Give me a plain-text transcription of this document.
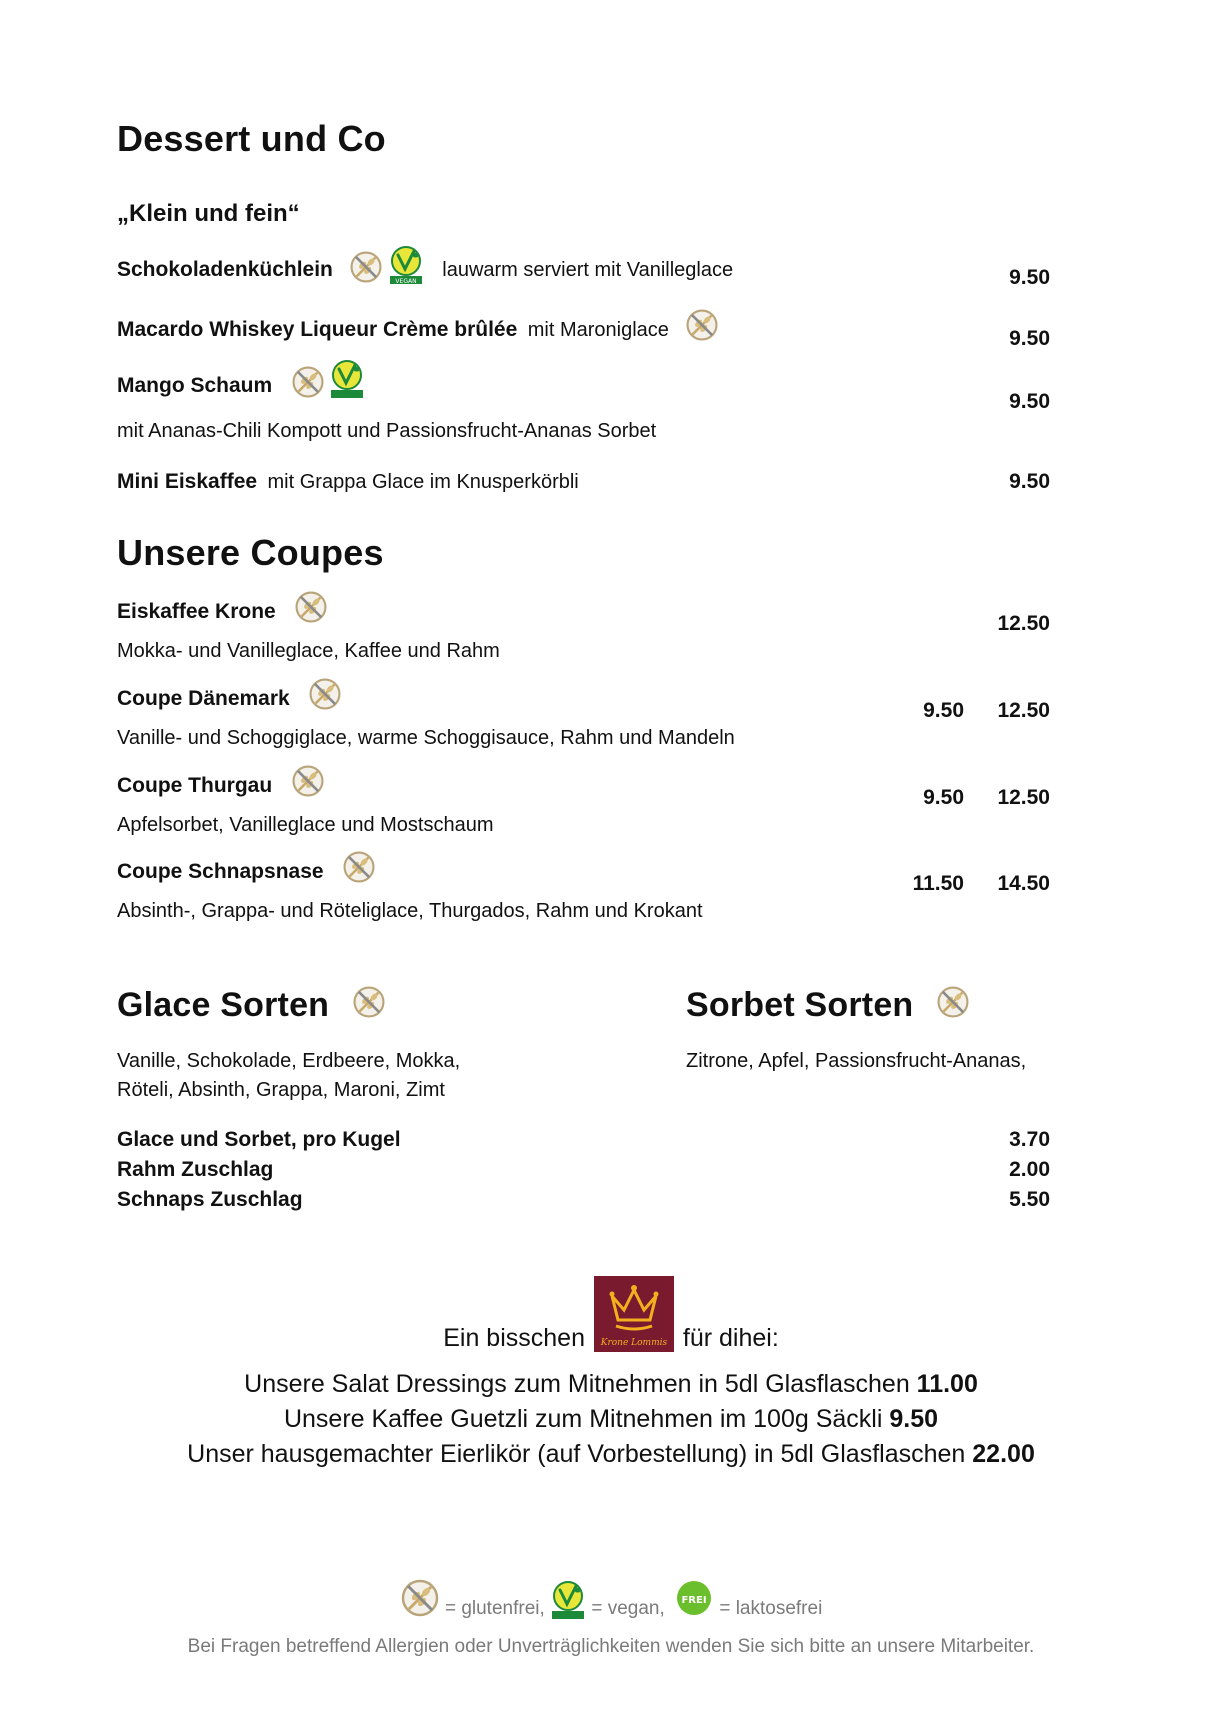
Dessert und Co
„Klein und fein“
Schokoladenküchlein
VEGAN
lauwarm serviert mit Vanilleglace	9.50
Macardo Whiskey Liqueur Crème brûlée mit Maroniglace	9.50
Mango Schaum
9.50
mit Ananas-Chili Kompott und Passionsfrucht-Ananas Sorbet
Mini Eiskaffee mit Grappa Glace im Knusperkörbli	9.50
Unsere Coupes
Eiskaffee Krone
12.50
Mokka- und Vanilleglace, Kaffee und Rahm
Coupe Dänemark
9.50	12.50
Vanille- und Schoggiglace, warme Schoggisauce, Rahm und Mandeln
Coupe Thurgau
9.50	12.50
Apfelsorbet, Vanilleglace und Mostschaum
Coupe Schnapsnase
11.50	14.50
Absinth-, Grappa- und Röteliglace, Thurgados, Rahm und Krokant
Glace Sorten
Vanille, Schokolade, Erdbeere, Mokka,
Röteli, Absinth, Grappa, Maroni, Zimt
Sorbet Sorten
Zitrone, Apfel, Passionsfrucht-Ananas,
Glace und Sorbet, pro Kugel	3.70
Rahm Zuschlag	2.00
Schnaps Zuschlag	5.50
Ein bisschen	Krone Lommis für dihei:
Unsere Salat Dressings zum Mitnehmen in 5dl Glasflaschen 11.00
Unsere Kaffee Guetzli zum Mitnehmen im 100g Säckli 9.50
Unser hausgemachter Eierlikör (auf Vorbestellung) in 5dl Glasflaschen 22.00
= glutenfrei, = vegan, FREI = laktosefrei
Bei Fragen betreffend Allergien oder Unverträglichkeiten wenden Sie sich bitte an unsere Mitarbeiter.
